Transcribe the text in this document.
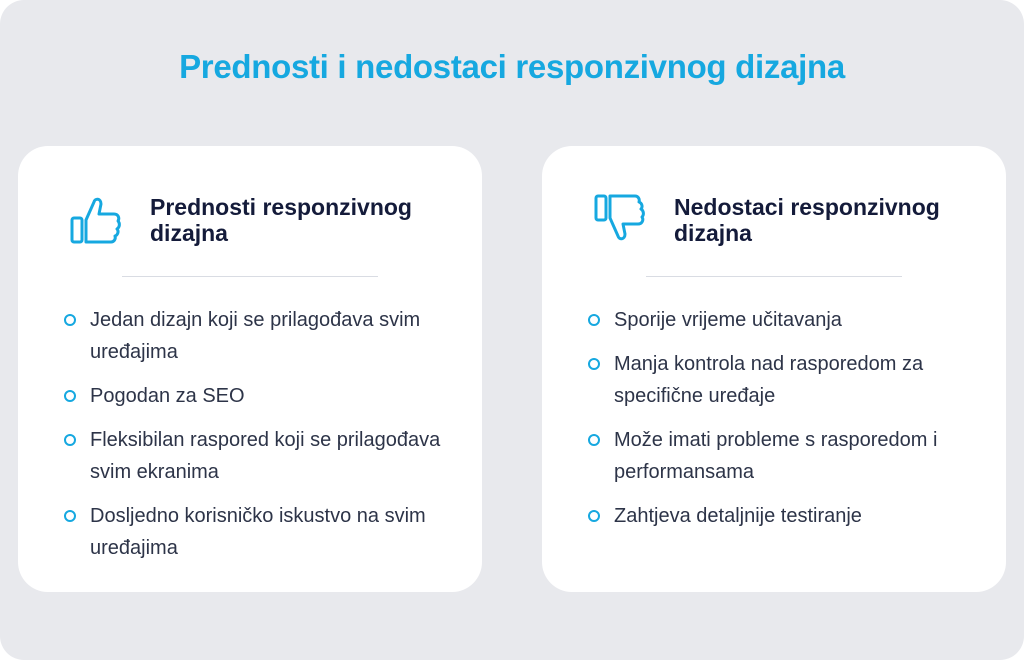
Prednosti i nedostaci responzivnog dizajna
Prednosti responzivnog dizajna
Jedan dizajn koji se prilagođava svim uređajima
Pogodan za SEO
Fleksibilan raspored koji se prilagođava svim ekranima
Dosljedno korisničko iskustvo na svim uređajima
Nedostaci responzivnog dizajna
Sporije vrijeme učitavanja
Manja kontrola nad rasporedom za specifične uređaje
Može imati probleme s rasporedom i performansama
Zahtjeva detaljnije testiranje
